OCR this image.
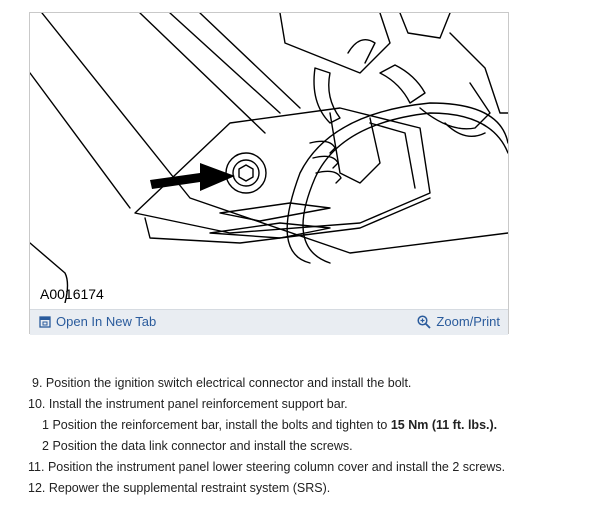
A0016174
Open In New Tab	Zoom/Print
9. Position the ignition switch electrical connector and install the bolt.
10. Install the instrument panel reinforcement support bar.
1 Position the reinforcement bar, install the bolts and tighten to 15 Nm (11 ft. lbs.).
2 Position the data link connector and install the screws.
11. Position the instrument panel lower steering column cover and install the 2 screws.
12. Repower the supplemental restraint system (SRS).
